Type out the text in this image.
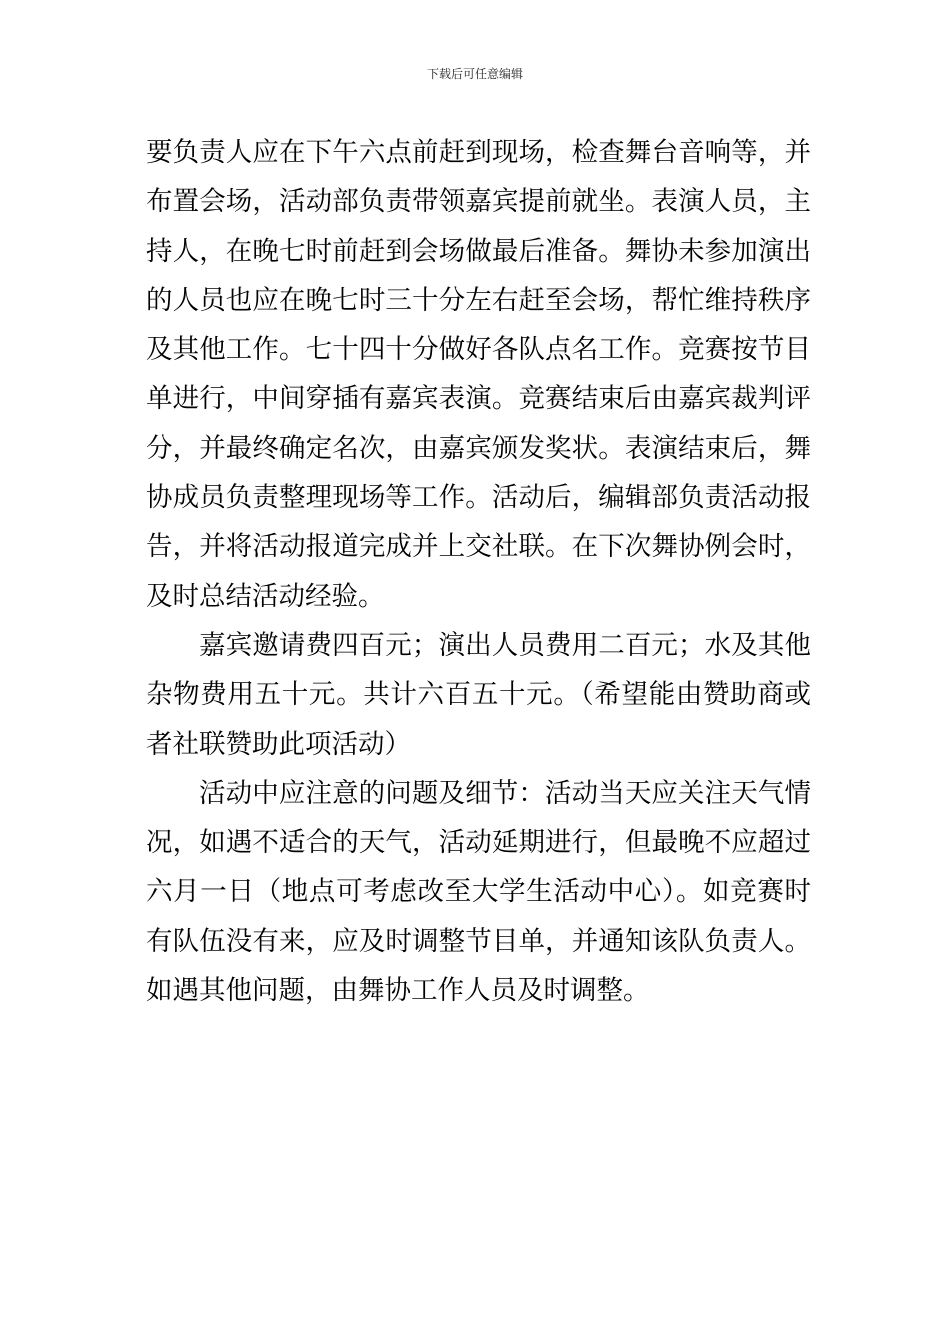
下载后可任意编辑

要负责人应在下午六点前赶到现场，检查舞台音响等，并布置会场，活动部负责带领嘉宾提前就坐。表演人员，主持人，在晚七时前赶到会场做最后准备。舞协未参加演出的人员也应在晚七时三十分左右赶至会场，帮忙维持秩序及其他工作。七十四十分做好各队点名工作。竞赛按节目单进行，中间穿插有嘉宾表演。竞赛结束后由嘉宾裁判评分，并最终确定名次，由嘉宾颁发奖状。表演结束后，舞协成员负责整理现场等工作。活动后，编辑部负责活动报告，并将活动报道完成并上交社联。在下次舞协例会时，及时总结活动经验。

嘉宾邀请费四百元；演出人员费用二百元；水及其他杂物费用五十元。共计六百五十元。（希望能由赞助商或者社联赞助此项活动）

活动中应注意的问题及细节：活动当天应关注天气情况，如遇不适合的天气，活动延期进行，但最晚不应超过六月一日（地点可考虑改至大学生活动中心）。如竞赛时有队伍没有来，应及时调整节目单，并通知该队负责人。如遇其他问题，由舞协工作人员及时调整。
